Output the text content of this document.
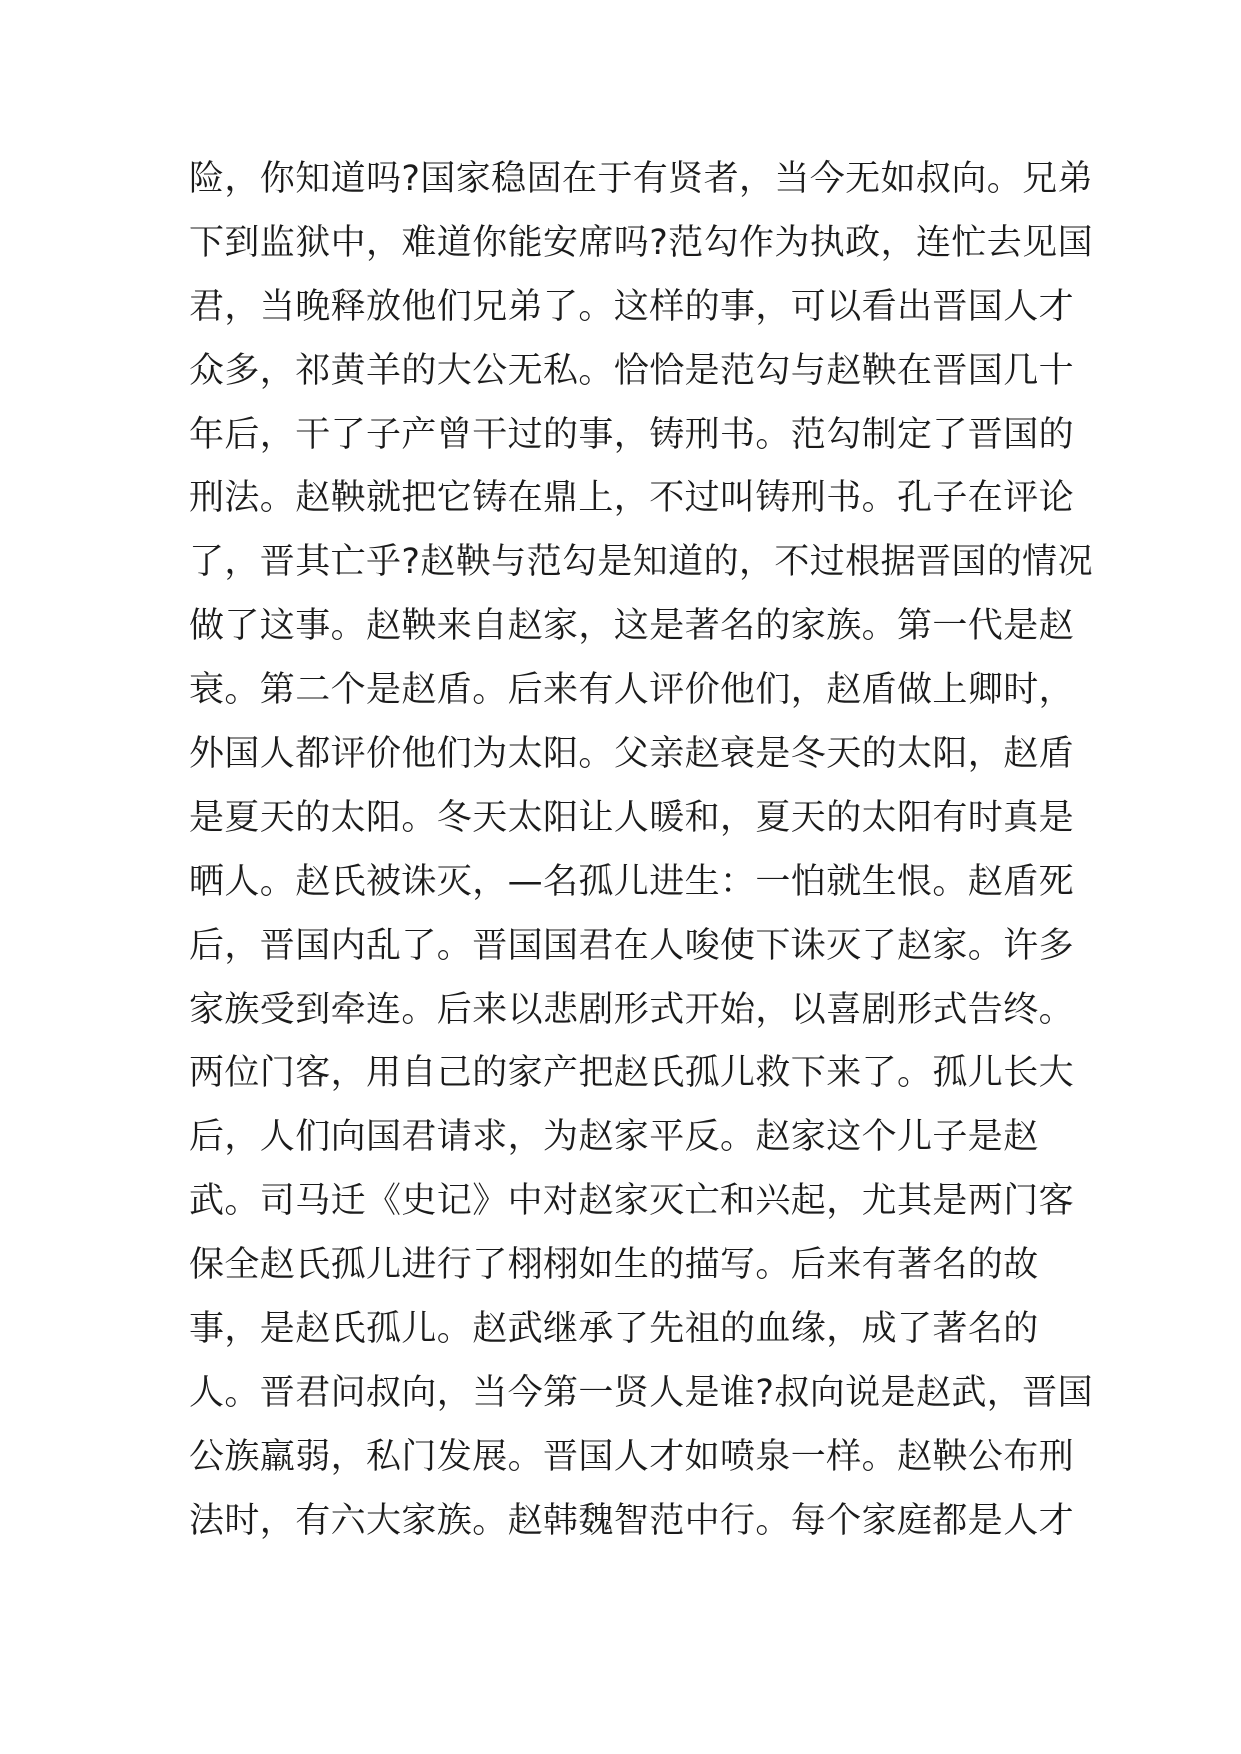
险，你知道吗?国家稳固在于有贤者，当今无如叔向。兄弟
下到监狱中，难道你能安席吗?范勾作为执政，连忙去见国
君，当晚释放他们兄弟了。这样的事，可以看出晋国人才
众多，祁黄羊的大公无私。恰恰是范勾与赵鞅在晋国几十
年后，干了子产曾干过的事，铸刑书。范勾制定了晋国的
刑法。赵鞅就把它铸在鼎上，不过叫铸刑书。孔子在评论
了，晋其亡乎?赵鞅与范勾是知道的，不过根据晋国的情况
做了这事。赵鞅来自赵家，这是著名的家族。第一代是赵
衰。第二个是赵盾。后来有人评价他们，赵盾做上卿时，
外国人都评价他们为太阳。父亲赵衰是冬天的太阳，赵盾
是夏天的太阳。冬天太阳让人暖和，夏天的太阳有时真是
晒人。赵氏被诛灭，—名孤儿进生：一怕就生恨。赵盾死
后，晋国内乱了。晋国国君在人唆使下诛灭了赵家。许多
家族受到牵连。后来以悲剧形式开始，以喜剧形式告终。
两位门客，用自己的家产把赵氏孤儿救下来了。孤儿长大
后，人们向国君请求，为赵家平反。赵家这个儿子是赵
武。司马迁《史记》中对赵家灭亡和兴起，尤其是两门客
保全赵氏孤儿进行了栩栩如生的描写。后来有著名的故
事，是赵氏孤儿。赵武继承了先祖的血缘，成了著名的
人。晋君问叔向，当今第一贤人是谁?叔向说是赵武，晋国
公族羸弱，私门发展。晋国人才如喷泉一样。赵鞅公布刑
法时，有六大家族。赵韩魏智范中行。每个家庭都是人才
